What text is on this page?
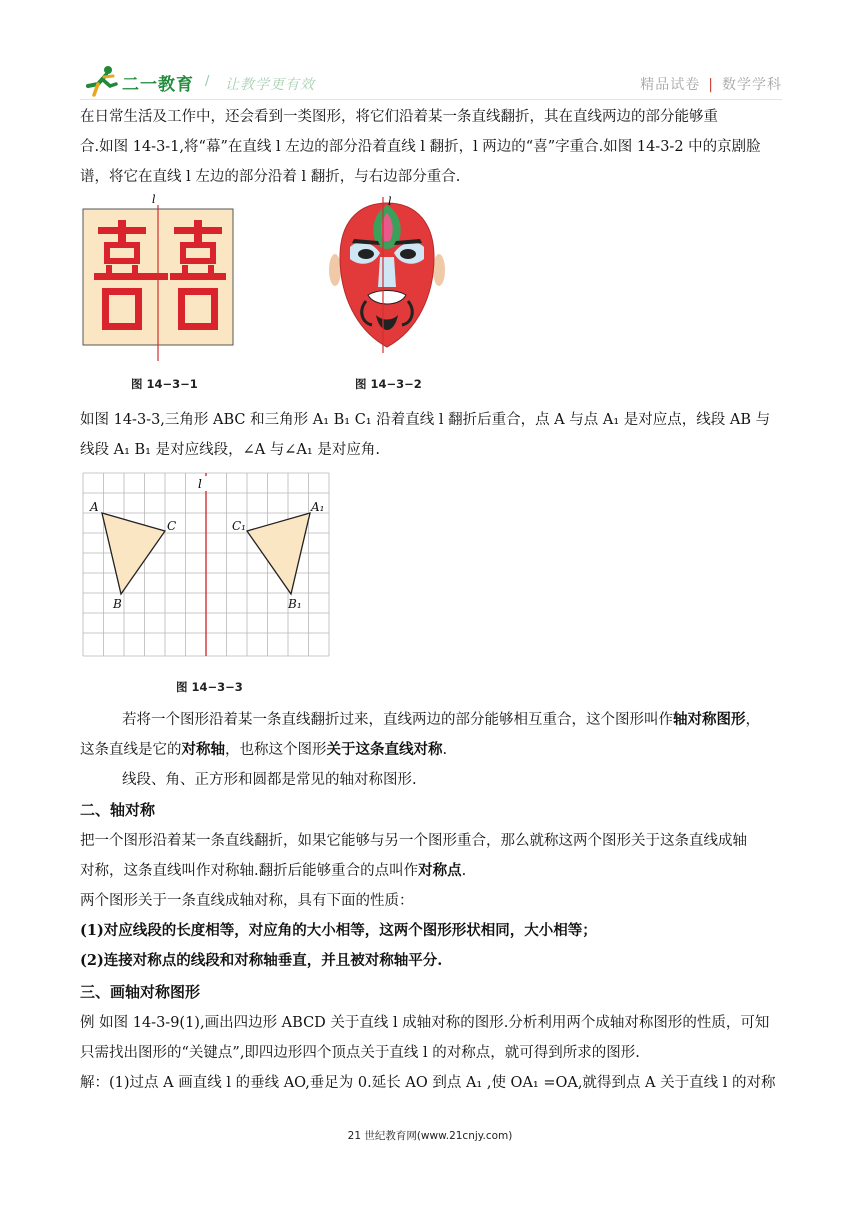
二一教育 / 让教学更有效	精品试卷 | 数学学科
在日常生活及工作中，还会看到一类图形，将它们沿着某一条直线翻折，其在直线两边的部分能够重
合.如图 14-3-1,将“幕”在直线 l 左边的部分沿着直线 l 翻折，l 两边的“喜”字重合.如图 14-3-2 中的京剧脸
谱，将它在直线 l 左边的部分沿着 l 翻折，与右边部分重合.
l
图 14−3−1
l
图 14−3−2
如图 14-3-3,三角形 ABC 和三角形 A₁ B₁ C₁ 沿着直线 l 翻折后重合，点 A 与点 A₁ 是对应点，线段 AB 与
线段 A₁ B₁ 是对应线段，∠A 与∠A₁ 是对应角.
l
A
C
B
A₁
C₁
B₁
图 14−3−3
若将一个图形沿着某一条直线翻折过来，直线两边的部分能够相互重合，这个图形叫作轴对称图形，
这条直线是它的对称轴，也称这个图形关于这条直线对称.
线段、角、正方形和圆都是常见的轴对称图形.
二、轴对称
把一个图形沿着某一条直线翻折，如果它能够与另一个图形重合，那么就称这两个图形关于这条直线成轴
对称，这条直线叫作对称轴.翻折后能够重合的点叫作对称点.
两个图形关于一条直线成轴对称，具有下面的性质：
(1)对应线段的长度相等，对应角的大小相等，这两个图形形状相同，大小相等；
(2)连接对称点的线段和对称轴垂直，并且被对称轴平分.
三、画轴对称图形
例 如图 14-3-9(1),画出四边形 ABCD 关于直线 l 成轴对称的图形.分析利用两个成轴对称图形的性质，可知
只需找出图形的“关键点”,即四边形四个顶点关于直线 l 的对称点，就可得到所求的图形.
解：(1)过点 A 画直线 l 的垂线 AO,垂足为 0.延长 AO 到点 A₁ ,使 OA₁ =OA,就得到点 A 关于直线 l 的对称
21 世纪教育网(www.21cnjy.com)
